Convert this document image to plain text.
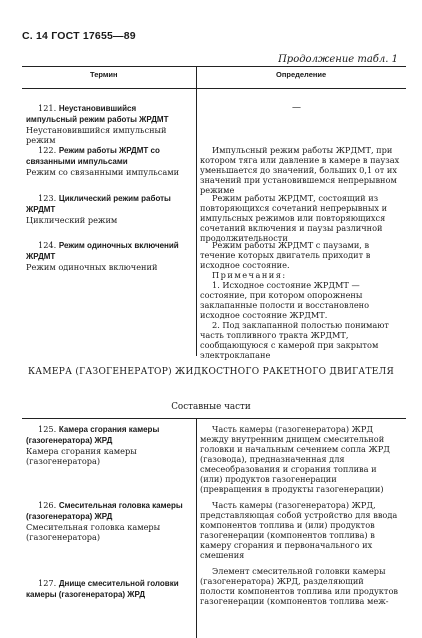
С. 14 ГОСТ 17655—89
Продолжение табл. 1
Термин	Определение

121. Неустановившийся импульсный режим работы ЖРДМТ

Неустановившийся импульсный режим

—

122. Режим работы ЖРДМТ со связанными импульсами

Режим со связанными импульсами

Импульсный режим работы ЖРДМТ, при котором тяга или давление в камере в паузах уменьшается до значений, больших 0,1 от их значений при установившемся непрерывном режиме

123. Циклический режим работы ЖРДМТ

Циклический режим

Режим работы ЖРДМТ, состоящий из повторяющихся сочетаний непрерывных и импульсных режимов или повторяющихся сочетаний включения и паузы различной продолжительности

124. Режим одиночных включений ЖРДМТ

Режим одиночных включений

Режим работы ЖРДМТ с паузами, в течение которых двигатель приходит в исходное состояние.

Примечания:

1. Исходное состояние ЖРДМТ — состояние, при котором опорожнены заклапанные полости и восстановлено исходное состояние ЖРДМТ.

2. Под заклапанной полостью понимают часть топливного тракта ЖРДМТ, сообщающуюся с камерой при закрытом электроклапане

КАМЕРА (ГАЗОГЕНЕРАТОР) ЖИДКОСТНОГО РАКЕТНОГО ДВИГАТЕЛЯ
Составные части

125. Камера сгорания камеры (газогенератора) ЖРД

Камера сгорания камеры (газогенератора)

Часть камеры (газогенератора) ЖРД между внутренним днищем смесительной головки и начальным сечением сопла ЖРД (газовода), предназначенная для смесеобразования и сгорания топлива и (или) продуктов газогенерации (превращения в продукты газогенерации)

126. Смесительная головка камеры (газогенератора) ЖРД

Смесительная головка камеры (газогенератора)

Часть камеры (газогенератора) ЖРД, представляющая собой устройство для ввода компонентов топлива и (или) продуктов газогенерации (компонентов топлива) в камеру сгорания и первоначального их смешения

127. Днище смесительной головки камеры (газогенератора) ЖРД

Элемент смесительной головки камеры (газогенератора) ЖРД, разделяющий полости компонентов топлива или продуктов газогенерации (компонентов топлива меж-
